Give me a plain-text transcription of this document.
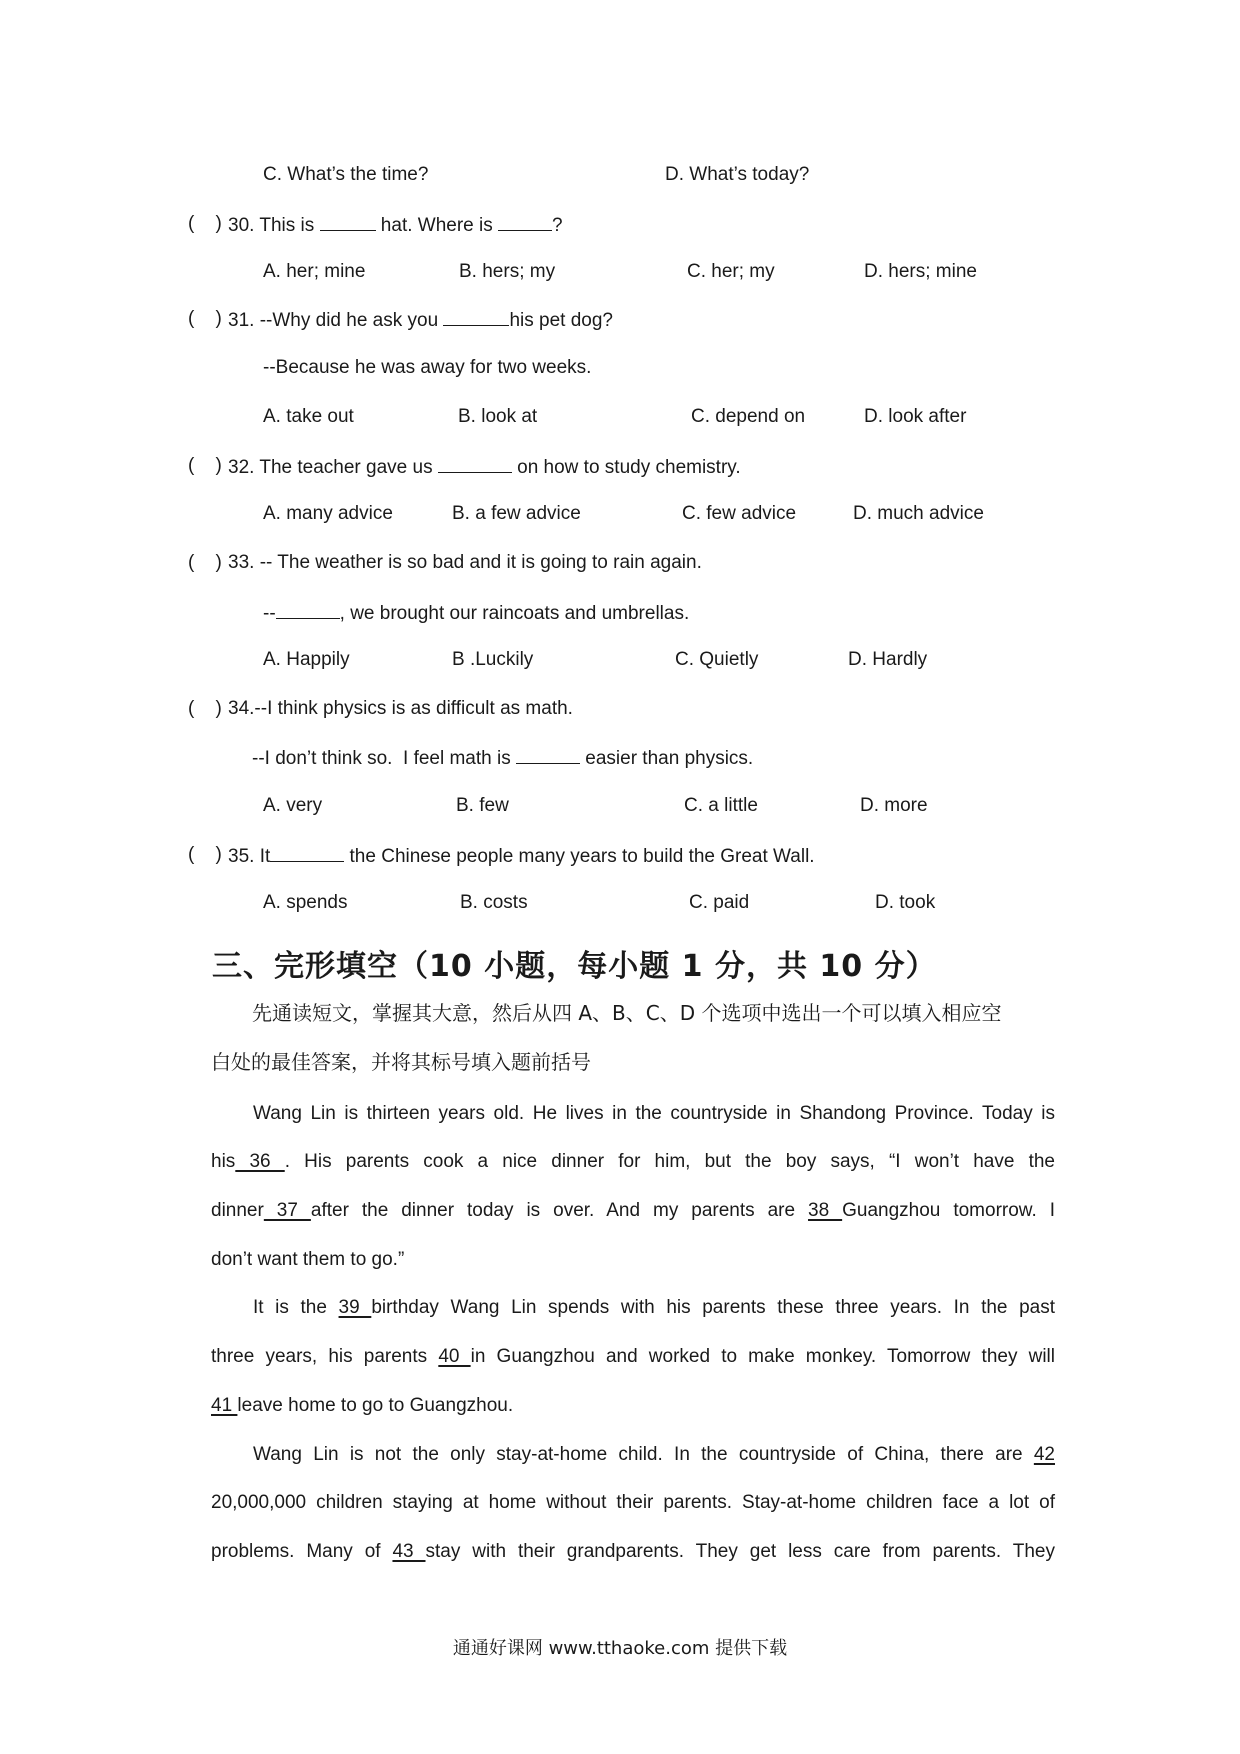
C. What’s the time?	D. What’s today?
(    ) 30. This is	hat. Where is	?
A. her; mine	B. hers; my	C. her; my	D. hers; mine
(    ) 31. --Why did he ask you	his pet dog?
--Because he was away for two weeks.
A. take out	B. look at	C. depend on	D. look after
(    ) 32. The teacher gave us	on how to study chemistry.
A. many advice	B. a few advice	C. few advice	D. much advice
(    ) 33. -- The weather is so bad and it is going to rain again.
--	, we brought our raincoats and umbrellas.
A. Happily	B .Luckily	C. Quietly	D. Hardly
(    ) 34.--I think physics is as difficult as math.
--I don’t think so.  I feel math is	easier than physics.
A. very	B. few	C. a little	D. more
(    ) 35. It	the Chinese people many years to build the Great Wall.
A. spends	B. costs	C. paid	D. took
三、完形填空（10 小题，每小题 1 分，共 10 分）
先通读短文，掌握其大意，然后从四 A、B、C、D 个选项中选出一个可以填入相应空
白处的最佳答案，并将其标号填入题前括号
Wang Lin is thirteen years old. He lives in the countryside in Shandong Province. Today is
his 36 . His parents cook a nice dinner for him, but the boy says, “I won’t have the
dinner 37 after the dinner today is over. And my parents are 38 Guangzhou tomorrow. I
don’t want them to go.”
It is the 39 birthday Wang Lin spends with his parents these three years. In the past
three years, his parents 40 in Guangzhou and worked to make monkey. Tomorrow they will
41 leave home to go to Guangzhou.
Wang Lin is not the only stay-at-home child. In the countryside of China, there are 42
20,000,000 children staying at home without their parents. Stay-at-home children face a lot of
problems. Many of 43 stay with their grandparents. They get less care from parents. They
通通好课网 www.tthaoke.com 提供下载
